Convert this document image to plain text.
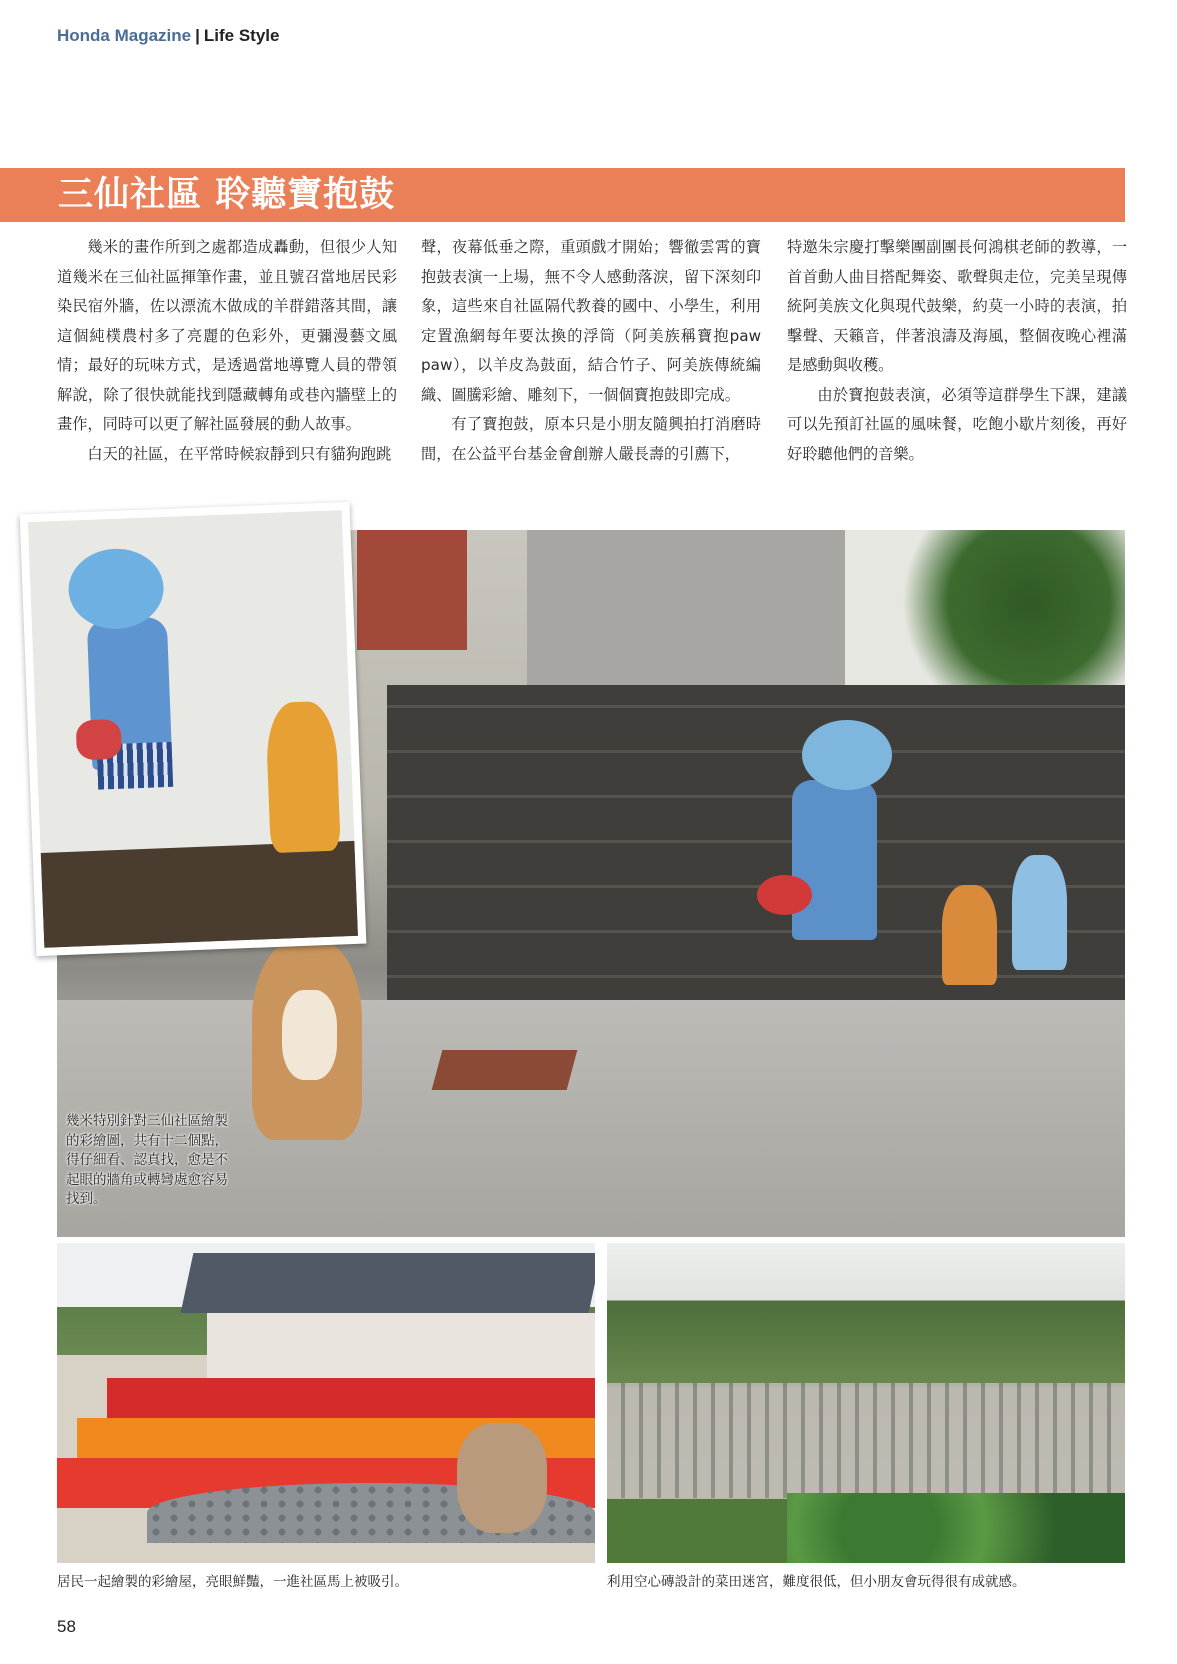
Honda Magazine | Life Style
三仙社區 聆聽寶抱鼓

幾米的畫作所到之處都造成轟動，但很少人知道幾米在三仙社區揮筆作畫，並且號召當地居民彩染民宿外牆，佐以漂流木做成的羊群錯落其間，讓這個純樸農村多了亮麗的色彩外，更彌漫藝文風情；最好的玩味方式，是透過當地導覽人員的帶領解說，除了很快就能找到隱藏轉角或巷內牆壁上的畫作，同時可以更了解社區發展的動人故事。

白天的社區，在平常時候寂靜到只有貓狗跑跳

聲，夜幕低垂之際，重頭戲才開始；響徹雲霄的寶抱鼓表演一上場，無不令人感動落淚，留下深刻印象，這些來自社區隔代教養的國中、小學生，利用定置漁網每年要汰換的浮筒（阿美族稱寶抱paw paw），以羊皮為鼓面，結合竹子、阿美族傳統編織、圖騰彩繪、雕刻下，一個個寶抱鼓即完成。

有了寶抱鼓，原本只是小朋友隨興拍打消磨時間，在公益平台基金會創辦人嚴長壽的引薦下，

特邀朱宗慶打擊樂團副團長何鴻棋老師的教導，一首首動人曲目搭配舞姿、歌聲與走位，完美呈現傳統阿美族文化與現代鼓樂，約莫一小時的表演，拍擊聲、天籟音，伴著浪濤及海風，整個夜晚心裡滿是感動與收穫。

由於寶抱鼓表演，必須等這群學生下課，建議可以先預訂社區的風味餐，吃飽小歇片刻後，再好好聆聽他們的音樂。

幾米特別針對三仙社區繪製的彩繪圖，共有十二個點，得仔細看、認真找，愈是不起眼的牆角或轉彎處愈容易找到。
居民一起繪製的彩繪屋，亮眼鮮豔，一進社區馬上被吸引。	利用空心磚設計的菜田迷宮，難度很低，但小朋友會玩得很有成就感。
58
